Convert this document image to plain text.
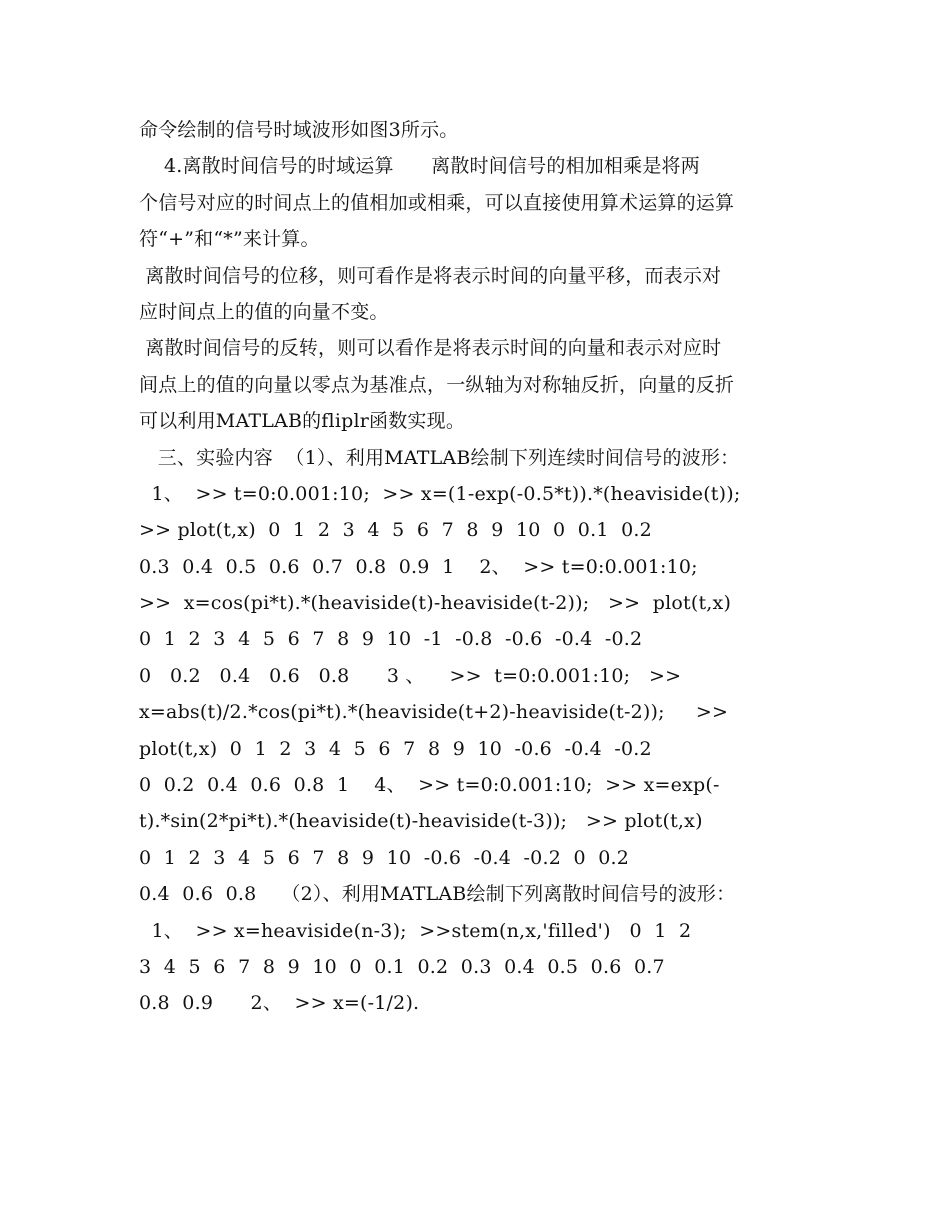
命令绘制的信号时域波形如图3所示。
4.离散时间信号的时域运算      离散时间信号的相加相乘是将两
个信号对应的时间点上的值相加或相乘，可以直接使用算术运算的运算
符“+”和“*”来计算。
离散时间信号的位移，则可看作是将表示时间的向量平移，而表示对
应时间点上的值的向量不变。
离散时间信号的反转，则可以看作是将表示时间的向量和表示对应时
间点上的值的向量以零点为基准点，一纵轴为对称轴反折，向量的反折
可以利用MATLAB的fliplr函数实现。
三、实验内容  （1）、利用MATLAB绘制下列连续时间信号的波形：
1、  >> t=0:0.001:10;  >> x=(1-exp(-0.5*t)).*(heaviside(t));
>> plot(t,x)  0  1  2  3  4  5  6  7  8  9  10  0  0.1  0.2
0.3  0.4  0.5  0.6  0.7  0.8  0.9  1    2、  >> t=0:0.001:10;
>>  x=cos(pi*t).*(heaviside(t)-heaviside(t-2));   >>  plot(t,x)
0  1  2  3  4  5  6  7  8  9  10  -1  -0.8  -0.6  -0.4  -0.2
0   0.2   0.4   0.6   0.8      3 、    >>  t=0:0.001:10;   >>
x=abs(t)/2.*cos(pi*t).*(heaviside(t+2)-heaviside(t-2));     >>
plot(t,x)  0  1  2  3  4  5  6  7  8  9  10  -0.6  -0.4  -0.2
0  0.2  0.4  0.6  0.8  1    4、  >> t=0:0.001:10;  >> x=exp(-
t).*sin(2*pi*t).*(heaviside(t)-heaviside(t-3));   >> plot(t,x)
0  1  2  3  4  5  6  7  8  9  10  -0.6  -0.4  -0.2  0  0.2
0.4  0.6  0.8    （2）、利用MATLAB绘制下列离散时间信号的波形：
1、  >> x=heaviside(n-3);  >>stem(n,x,'filled')   0  1  2
3  4  5  6  7  8  9  10  0  0.1  0.2  0.3  0.4  0.5  0.6  0.7
0.8  0.9      2、  >> x=(-1/2).
